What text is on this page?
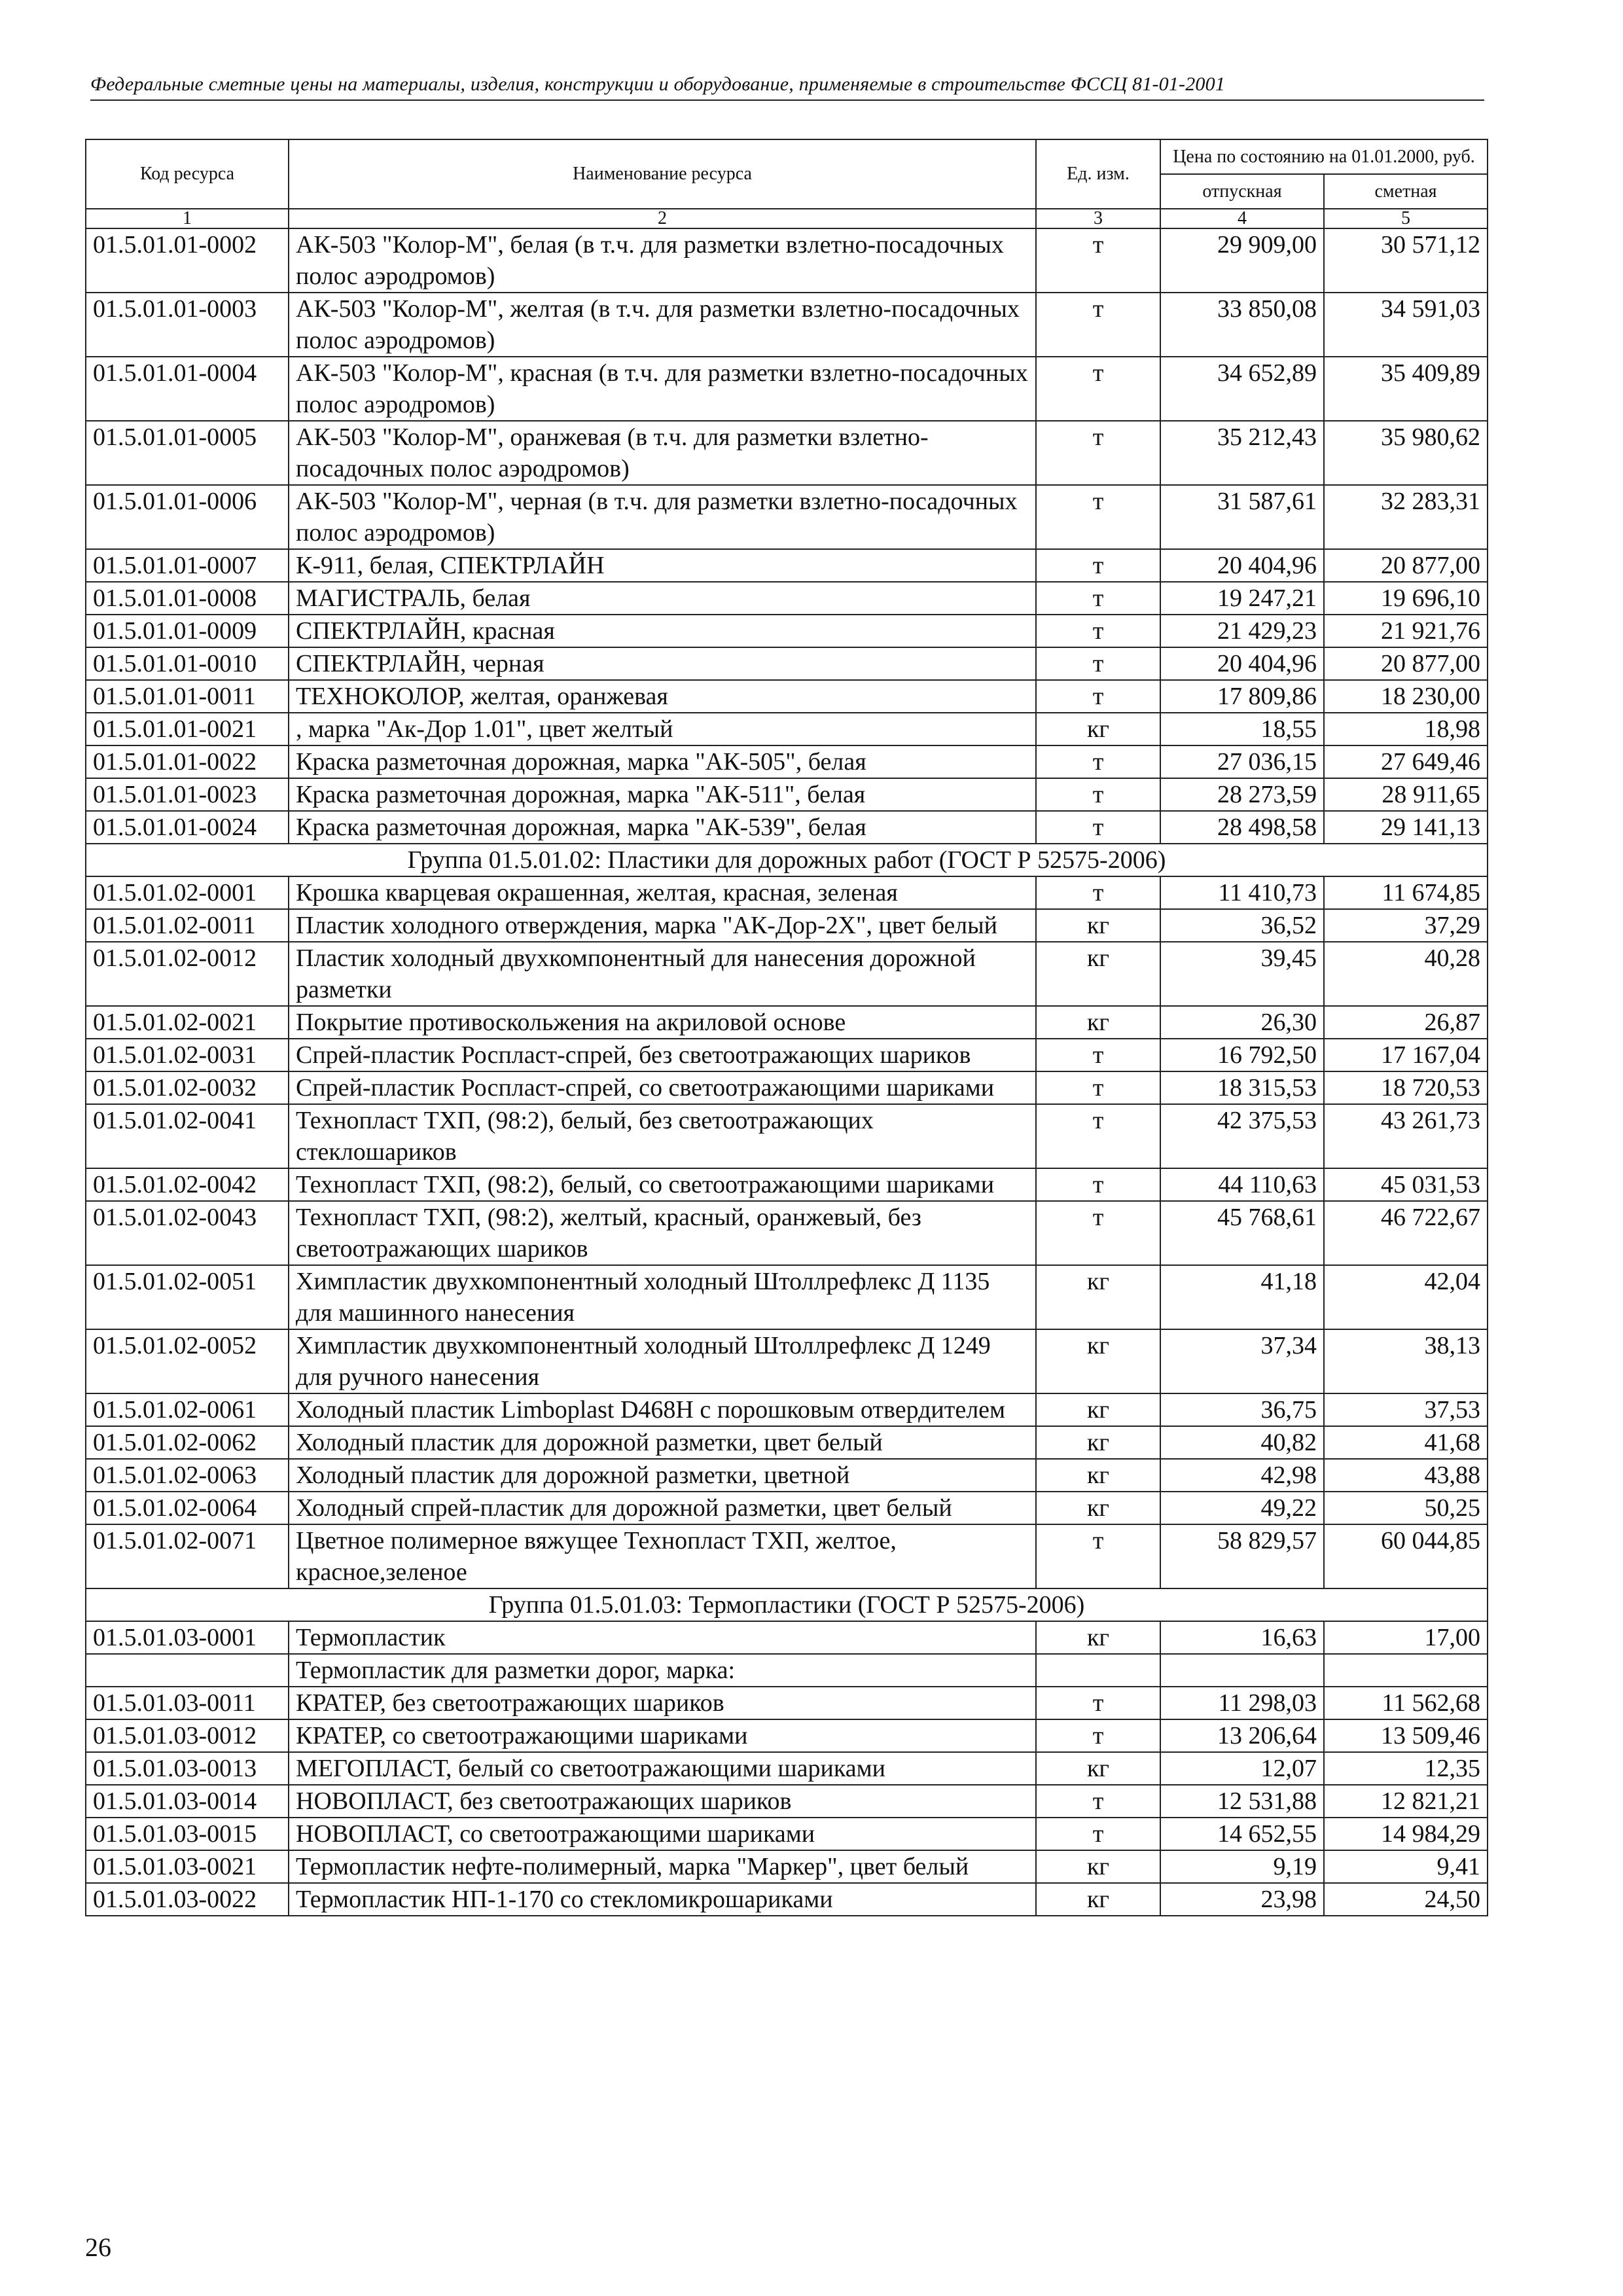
Федеральные сметные цены на материалы, изделия, конструкции и оборудование, применяемые в строительстве ФССЦ 81-01-2001
Код ресурса	Наименование ресурса	Ед. изм.	Цена по состоянию на 01.01.2000, руб.	
			отпускная	сметная
1	2	3	4	5
01.5.01.01-0002	АК-503 "Колор-М", белая (в т.ч. для разметки взлетно-посадочных полос аэродромов)	т	29 909,00	30 571,12
01.5.01.01-0003	АК-503 "Колор-М", желтая (в т.ч. для разметки взлетно-посадочных полос аэродромов)	т	33 850,08	34 591,03
01.5.01.01-0004	АК-503 "Колор-М", красная (в т.ч. для разметки взлетно-посадочных полос аэродромов)	т	34 652,89	35 409,89
01.5.01.01-0005	АК-503 "Колор-М", оранжевая (в т.ч. для разметки взлетно-посадочных полос аэродромов)	т	35 212,43	35 980,62
01.5.01.01-0006	АК-503 "Колор-М", черная (в т.ч. для разметки взлетно-посадочных полос аэродромов)	т	31 587,61	32 283,31
01.5.01.01-0007	К-911, белая, СПЕКТРЛАЙН	т	20 404,96	20 877,00
01.5.01.01-0008	МАГИСТРАЛЬ, белая	т	19 247,21	19 696,10
01.5.01.01-0009	СПЕКТРЛАЙН, красная	т	21 429,23	21 921,76
01.5.01.01-0010	СПЕКТРЛАЙН, черная	т	20 404,96	20 877,00
01.5.01.01-0011	ТЕХНОКОЛОР, желтая, оранжевая	т	17 809,86	18 230,00
01.5.01.01-0021	, марка "Ак-Дор 1.01", цвет желтый	кг	18,55	18,98
01.5.01.01-0022	Краска разметочная дорожная, марка "АК-505", белая	т	27 036,15	27 649,46
01.5.01.01-0023	Краска разметочная дорожная, марка "АК-511", белая	т	28 273,59	28 911,65
01.5.01.01-0024	Краска разметочная дорожная, марка "АК-539", белая	т	28 498,58	29 141,13
Группа 01.5.01.02: Пластики для дорожных работ (ГОСТ Р 52575-2006)				
01.5.01.02-0001	Крошка кварцевая окрашенная, желтая, красная, зеленая	т	11 410,73	11 674,85
01.5.01.02-0011	Пластик холодного отверждения, марка "АК-Дор-2Х", цвет белый	кг	36,52	37,29
01.5.01.02-0012	Пластик холодный двухкомпонентный для нанесения дорожной разметки	кг	39,45	40,28
01.5.01.02-0021	Покрытие противоскольжения на акриловой основе	кг	26,30	26,87
01.5.01.02-0031	Спрей-пластик Роспласт-спрей, без светоотражающих шариков	т	16 792,50	17 167,04
01.5.01.02-0032	Спрей-пластик Роспласт-спрей, со светоотражающими шариками	т	18 315,53	18 720,53
01.5.01.02-0041	Технопласт ТХП, (98:2), белый, без светоотражающих стеклошариков	т	42 375,53	43 261,73
01.5.01.02-0042	Технопласт ТХП, (98:2), белый, со светоотражающими шариками	т	44 110,63	45 031,53
01.5.01.02-0043	Технопласт ТХП, (98:2), желтый, красный, оранжевый, без светоотражающих шариков	т	45 768,61	46 722,67
01.5.01.02-0051	Химпластик двухкомпонентный холодный Штоллрефлекс Д 1135 для машинного нанесения	кг	41,18	42,04
01.5.01.02-0052	Химпластик двухкомпонентный холодный Штоллрефлекс Д 1249 для ручного нанесения	кг	37,34	38,13
01.5.01.02-0061	Холодный пластик Limboplast D468H с порошковым отвердителем	кг	36,75	37,53
01.5.01.02-0062	Холодный пластик для дорожной разметки, цвет белый	кг	40,82	41,68
01.5.01.02-0063	Холодный пластик для дорожной разметки, цветной	кг	42,98	43,88
01.5.01.02-0064	Холодный спрей-пластик для дорожной разметки, цвет белый	кг	49,22	50,25
01.5.01.02-0071	Цветное полимерное вяжущее Технопласт ТХП, желтое, красное,зеленое	т	58 829,57	60 044,85
Группа 01.5.01.03: Термопластики (ГОСТ Р 52575-2006)				
01.5.01.03-0001	Термопластик	кг	16,63	17,00
	Термопластик для разметки дорог, марка:			
01.5.01.03-0011	КРАТЕР, без светоотражающих шариков	т	11 298,03	11 562,68
01.5.01.03-0012	КРАТЕР, со светоотражающими шариками	т	13 206,64	13 509,46
01.5.01.03-0013	МЕГОПЛАСТ, белый со светоотражающими шариками	кг	12,07	12,35
01.5.01.03-0014	НОВОПЛАСТ, без светоотражающих шариков	т	12 531,88	12 821,21
01.5.01.03-0015	НОВОПЛАСТ, со светоотражающими шариками	т	14 652,55	14 984,29
01.5.01.03-0021	Термопластик нефте-полимерный, марка "Маркер", цвет белый	кг	9,19	9,41
01.5.01.03-0022	Термопластик НП-1-170 со стекломикрошариками	кг	23,98	24,50
26
